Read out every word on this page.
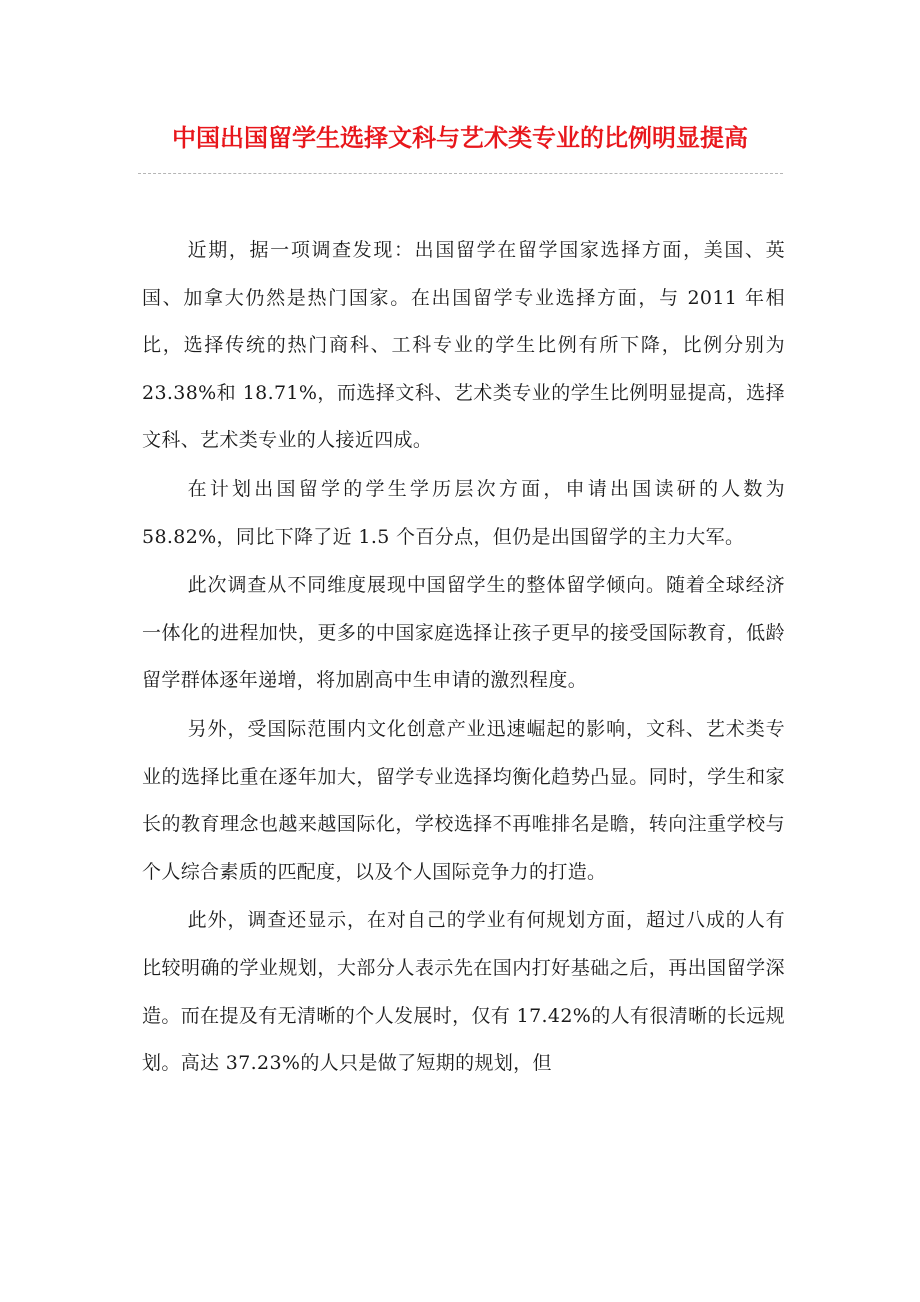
中国出国留学生选择文科与艺术类专业的比例明显提高

近期，据一项调查发现：出国留学在留学国家选择方面，美国、英国、加拿大仍然是热门国家。在出国留学专业选择方面，与 2011 年相比，选择传统的热门商科、工科专业的学生比例有所下降，比例分别为 23.38%和 18.71%，而选择文科、艺术类专业的学生比例明显提高，选择文科、艺术类专业的人接近四成。

在计划出国留学的学生学历层次方面，申请出国读研的人数为 58.82%，同比下降了近 1.5 个百分点，但仍是出国留学的主力大军。

此次调查从不同维度展现中国留学生的整体留学倾向。随着全球经济一体化的进程加快，更多的中国家庭选择让孩子更早的接受国际教育，低龄留学群体逐年递增，将加剧高中生申请的激烈程度。

另外，受国际范围内文化创意产业迅速崛起的影响，文科、艺术类专业的选择比重在逐年加大，留学专业选择均衡化趋势凸显。同时，学生和家长的教育理念也越来越国际化，学校选择不再唯排名是瞻，转向注重学校与个人综合素质的匹配度，以及个人国际竞争力的打造。

此外，调查还显示，在对自己的学业有何规划方面，超过八成的人有比较明确的学业规划，大部分人表示先在国内打好基础之后，再出国留学深造。而在提及有无清晰的个人发展时，仅有 17.42%的人有很清晰的长远规划。高达 37.23%的人只是做了短期的规划，但
